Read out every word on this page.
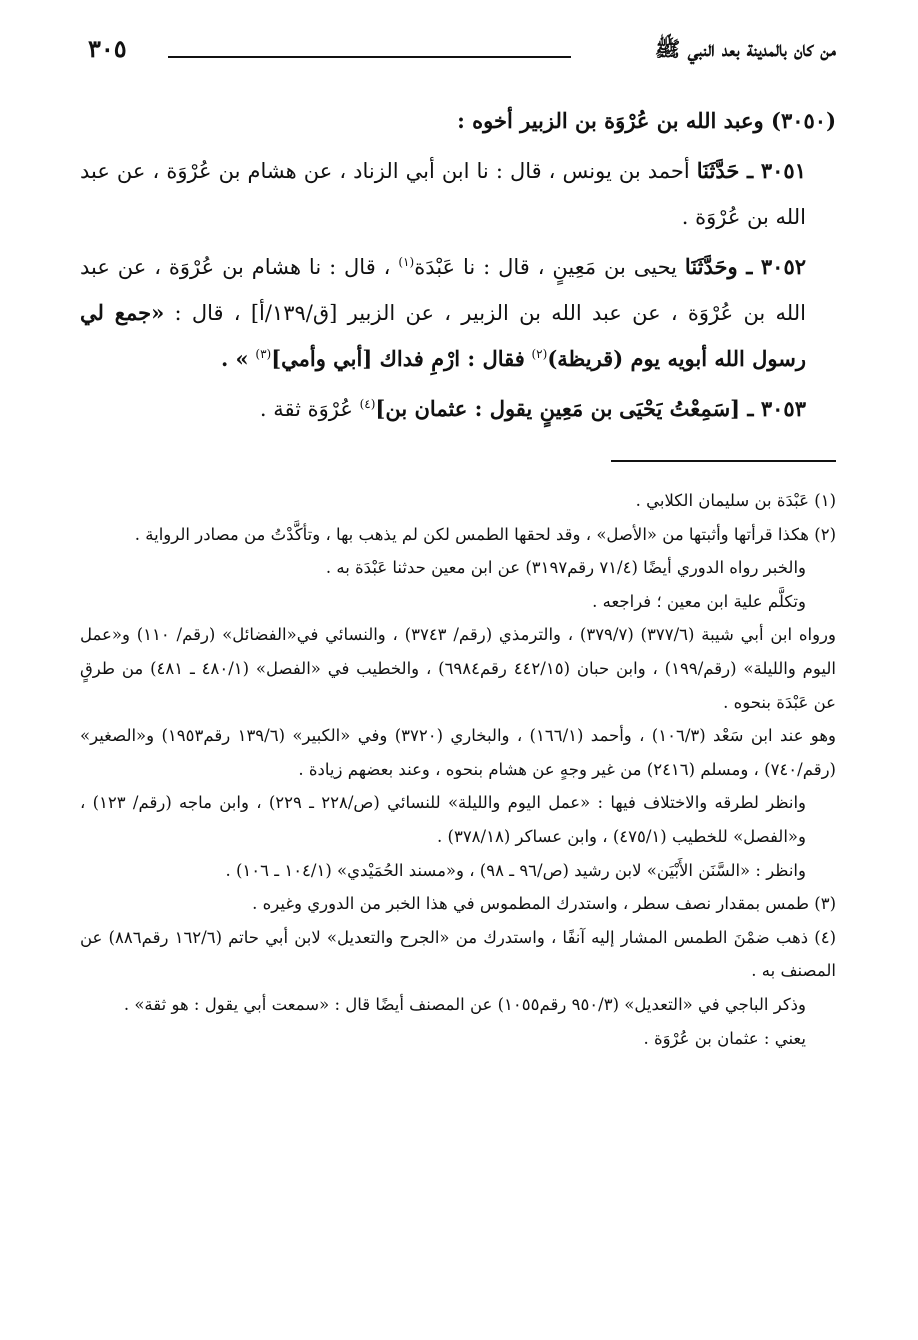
من كان بالمدينة بعد النبي ﷺ
٣٠٥

(٣٠٥٠) وعبد الله بن عُرْوَة بن الزبير أخوه :

٣٠٥١ ـ حَدَّثَنَا أحمد بن يونس ، قال : نا ابن أبي الزناد ، عن هشام بن عُرْوَة ، عن عبد الله بن عُرْوَة .

٣٠٥٢ ـ وحَدَّثَنَا يحيى بن مَعِينٍ ، قال : نا عَبْدَة$^{(١)}$ ، قال : نا هشام بن عُرْوَة ، عن عبد الله بن عُرْوَة ، عن عبد الله بن الزبير ، عن الزبير [ق/١٣٩/أ] ، قال : «جمع لي رسول الله أبويه يوم (قريظة)$^{(٢)}$ فقال : ارْمِ فداك [أبي وأمي]$^{(٣)}$ » .

٣٠٥٣ ـ [سَمِعْتُ يَحْيَى بن مَعِينٍ يقول : عثمان بن]$^{(٤)}$ عُرْوَة ثقة .

(١) عَبْدَة بن سليمان الكلابي .

(٢) هكذا قرأتها وأثبتها من «الأصل» ، وقد لحقها الطمس لكن لم يذهب بها ، وتأكَّدْتُ من مصادر الرواية .

والخبر رواه الدوري أيضًا (٧١/٤ رقم٣١٩٧) عن ابن معين حدثنا عَبْدَة به .

وتكلَّم علية ابن معين ؛ فراجعه .

ورواه ابن أبي شيبة (٣٧٧/٦) (٣٧٩/٧) ، والترمذي (رقم/ ٣٧٤٣) ، والنسائي في«الفضائل» (رقم/ ١١٠) و«عمل اليوم والليلة» (رقم/١٩٩) ، وابن حبان (٤٤٢/١٥ رقم٦٩٨٤) ، والخطيب في «الفصل» (٤٨٠/١ ـ ٤٨١) من طرقٍ عن عَبْدَة بنحوه .

وهو عند ابن سَعْد (١٠٦/٣) ، وأحمد (١٦٦/١) ، والبخاري (٣٧٢٠) وفي «الكبير» (١٣٩/٦ رقم١٩٥٣) و«الصغير» (رقم/٧٤٠) ، ومسلم (٢٤١٦) من غير وجهٍ عن هشام بنحوه ، وعند بعضهم زيادة .

وانظر لطرقه والاختلاف فيها : «عمل اليوم والليلة» للنسائي (ص/٢٢٨ ـ ٢٢٩) ، وابن ماجه (رقم/ ١٢٣) ، و«الفصل» للخطيب (٤٧٥/١) ، وابن عساكر (٣٧٨/١٨) .

وانظر : «السَّنَن الأَبْيَن» لابن رشيد (ص/٩٦ ـ ٩٨) ، و«مسند الحُمَيْدي» (١٠٤/١ ـ ١٠٦) .

(٣) طمس بمقدار نصف سطر ، واستدرك المطموس في هذا الخبر من الدوري وغيره .

(٤) ذهب ضمْنَ الطمس المشار إليه آنفًا ، واستدرك من «الجرح والتعديل» لابن أبي حاتم (١٦٢/٦ رقم٨٨٦) عن المصنف به .

وذكر الباجي في «التعديل» (٩٥٠/٣ رقم١٠٥٥) عن المصنف أيضًا قال : «سمعت أبي يقول : هو ثقة» .

يعني : عثمان بن عُرْوَة .
